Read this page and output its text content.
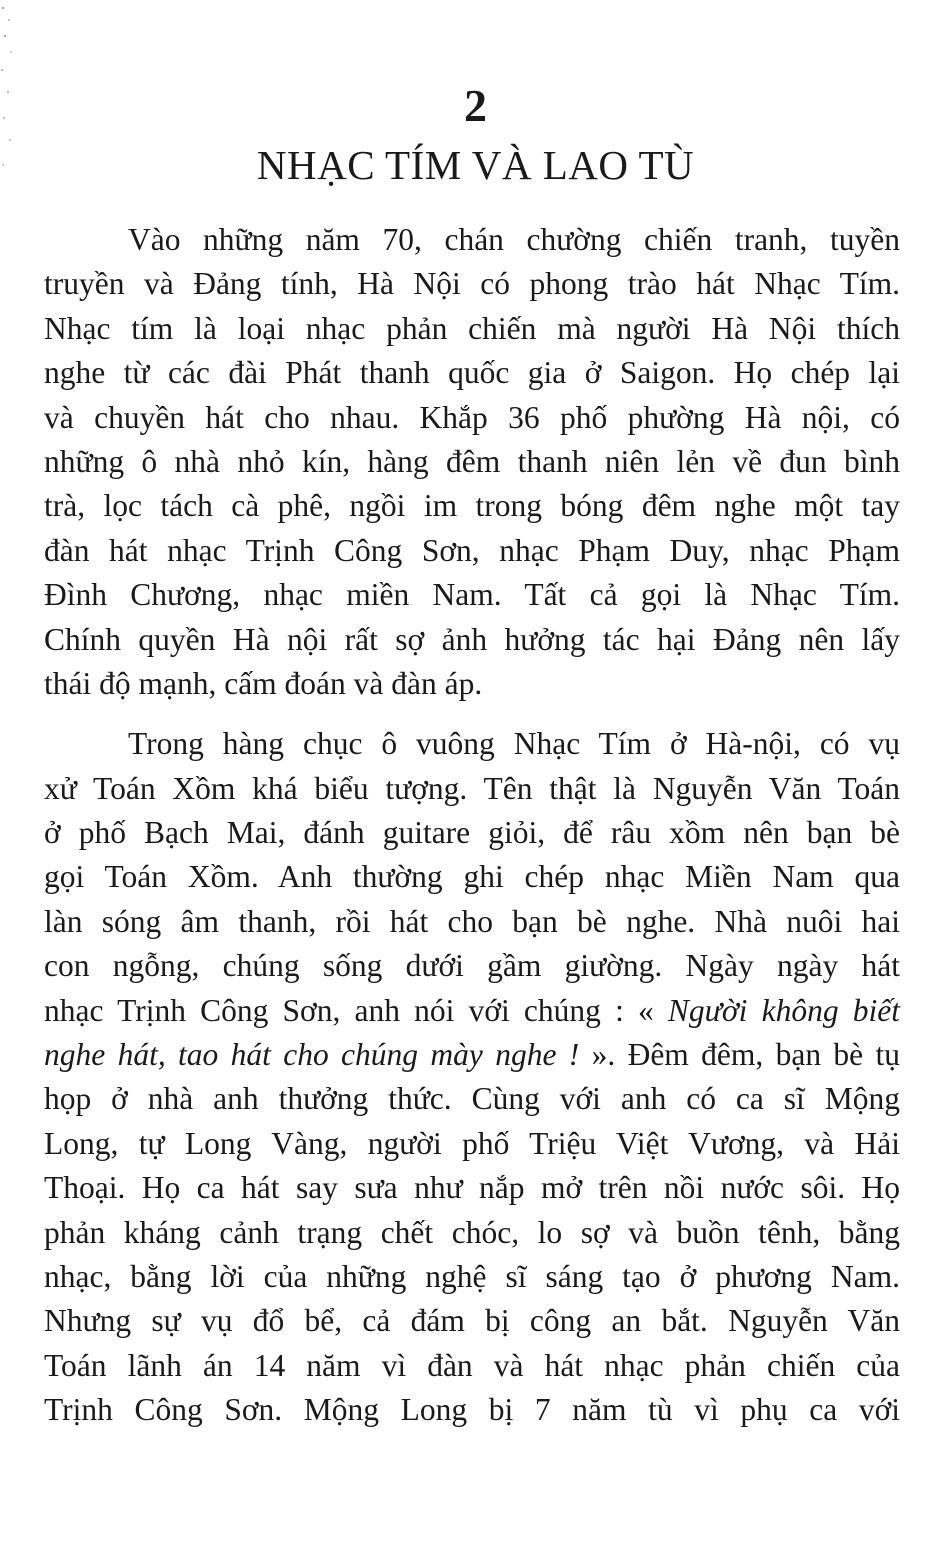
2
NHẠC TÍM VÀ LAO TÙ
Vào những năm 70, chán chường chiến tranh, tuyền
truyền và Đảng tính, Hà Nội có phong trào hát Nhạc Tím.
Nhạc tím là loại nhạc phản chiến mà người Hà Nội thích
nghe từ các đài Phát thanh quốc gia ở Saigon. Họ chép lại
và chuyền hát cho nhau. Khắp 36 phố phường Hà nội, có
những ô nhà nhỏ kín, hàng đêm thanh niên lẻn về đun bình
trà, lọc tách cà phê, ngồi im trong bóng đêm nghe một tay
đàn hát nhạc Trịnh Công Sơn, nhạc Phạm Duy, nhạc Phạm
Đình Chương, nhạc miền Nam. Tất cả gọi là Nhạc Tím.
Chính quyền Hà nội rất sợ ảnh hưởng tác hại Đảng nên lấy
thái độ mạnh, cấm đoán và đàn áp.
Trong hàng chục ô vuông Nhạc Tím ở Hà-nội, có vụ
xử Toán Xồm khá biểu tượng. Tên thật là Nguyễn Văn Toán
ở phố Bạch Mai, đánh guitare giỏi, để râu xồm nên bạn bè
gọi Toán Xồm. Anh thường ghi chép nhạc Miền Nam qua
làn sóng âm thanh, rồi hát cho bạn bè nghe. Nhà nuôi hai
con ngỗng, chúng sống dưới gầm giường. Ngày ngày hát
nhạc Trịnh Công Sơn, anh nói với chúng : « Người không biết
nghe hát, tao hát cho chúng mày nghe ! ». Đêm đêm, bạn bè tụ
họp ở nhà anh thưởng thức. Cùng với anh có ca sĩ Mộng
Long, tự Long Vàng, người phố Triệu Việt Vương, và Hải
Thoại. Họ ca hát say sưa như nắp mở trên nồi nước sôi. Họ
phản kháng cảnh trạng chết chóc, lo sợ và buồn tênh, bằng
nhạc, bằng lời của những nghệ sĩ sáng tạo ở phương Nam.
Nhưng sự vụ đổ bể, cả đám bị công an bắt. Nguyễn Văn
Toán lãnh án 14 năm vì đàn và hát nhạc phản chiến của
Trịnh Công Sơn. Mộng Long bị 7 năm tù vì phụ ca với
